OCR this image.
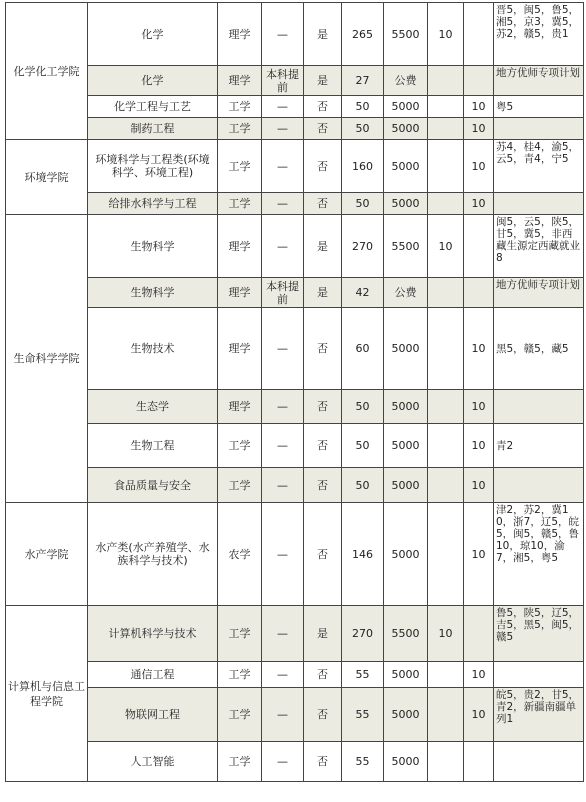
化学化工学院	化学	理学	—	是	265	5500	10		晋5，闽5，鲁5，湘5，京3，冀5，苏2，赣5，贵1
	化学	理学	本科提前	是	27	公费			地方优师专项计划
	化学工程与工艺	工学	—	否	50	5000		10	粤5
	制药工程	工学	—	否	50	5000		10	
环境学院	环境科学与工程类(环境科学、环境工程)	工学	—	否	160	5000		10	苏4，桂4，渝5，云5，青4，宁5
	给排水科学与工程	工学	—	否	50	5000		10	
生命科学学院	生物科学	理学	—	是	270	5500	10		闽5，云5，陕5，甘5，冀5，非西藏生源定西藏就业8
	生物科学	理学	本科提前	是	42	公费			地方优师专项计划
	生物技术	理学	—	否	60	5000		10	黑5，赣5，藏5
	生态学	理学	—	否	50	5000		10	
	生物工程	工学	—	否	50	5000		10	青2
	食品质量与安全	工学	—	否	50	5000		10	
水产学院	水产类(水产养殖学、水族科学与技术)	农学	—	否	146	5000		10	津2，苏2，冀10，浙7，辽5，皖5，闽5，赣5，鲁10，琼10，渝7，湘5，粤5
计算机与信息工程学院	计算机科学与技术	工学	—	是	270	5500	10		鲁5，陕5，辽5，吉5，黑5，闽5，赣5
	通信工程	工学	—	否	55	5000		10	
	物联网工程	工学	—	否	55	5000		10	皖5，贵2，甘5，青2，新疆南疆单列1
	人工智能	工学	—	否	55	5000			
